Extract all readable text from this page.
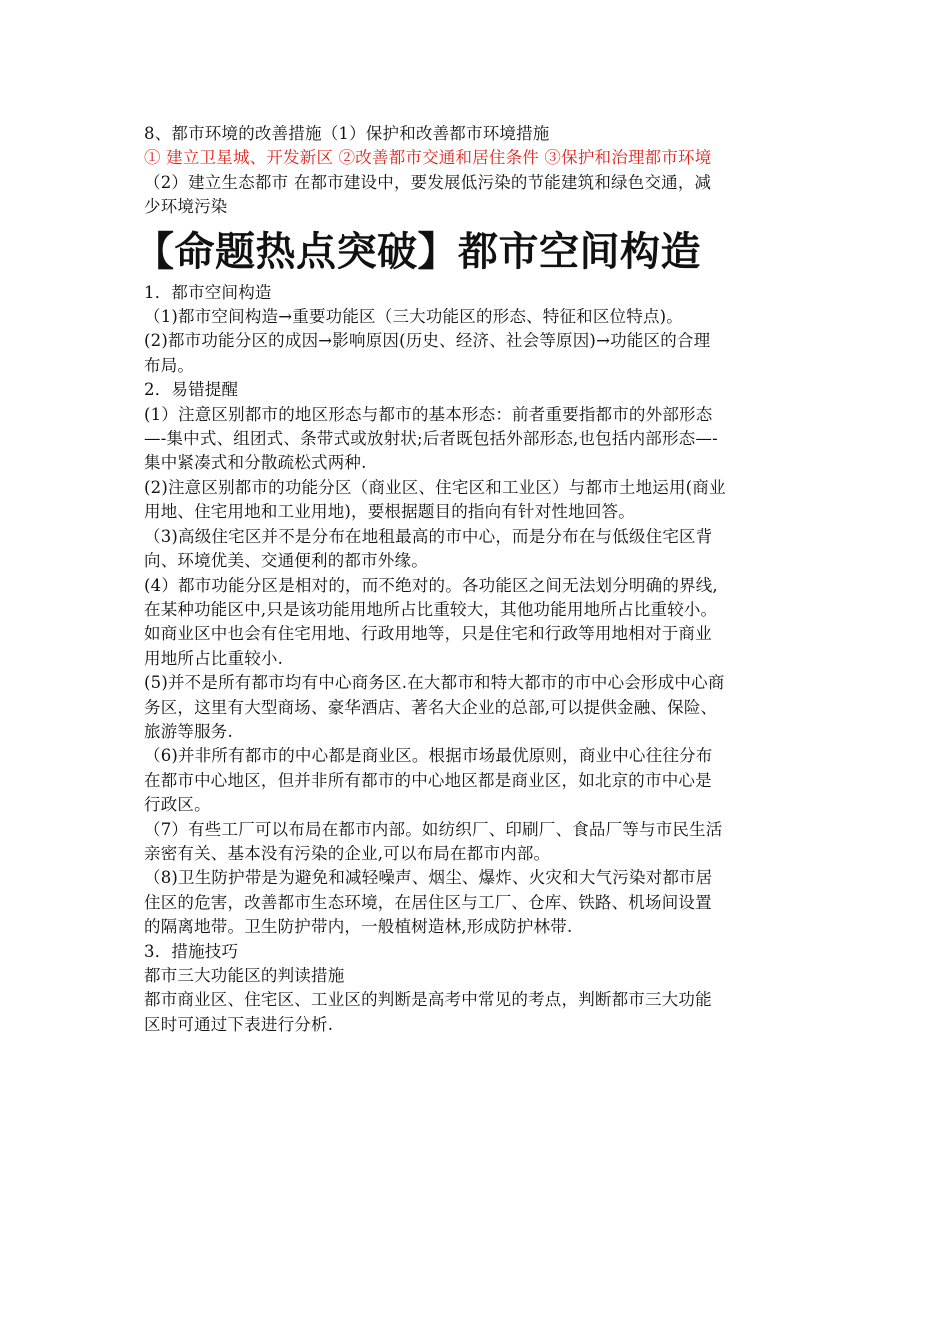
8、都市环境的改善措施（1）保护和改善都市环境措施
① 建立卫星城、开发新区 ②改善都市交通和居住条件 ③保护和治理都市环境
（2）建立生态都市 在都市建设中，要发展低污染的节能建筑和绿色交通，减
少环境污染
【命题热点突破】都市空间构造
1．都市空间构造
（1)都市空间构造→重要功能区（三大功能区的形态、特征和区位特点)。
(2)都市功能分区的成因→影响原因(历史、经济、社会等原因)→功能区的合理
布局。
2．易错提醒
(1）注意区别都市的地区形态与都市的基本形态：前者重要指都市的外部形态
—-集中式、组团式、条带式或放射状;后者既包括外部形态,也包括内部形态—-
集中紧凑式和分散疏松式两种.
(2)注意区别都市的功能分区（商业区、住宅区和工业区）与都市土地运用(商业
用地、住宅用地和工业用地)，要根据题目的指向有针对性地回答。
（3)高级住宅区并不是分布在地租最高的市中心，而是分布在与低级住宅区背
向、环境优美、交通便利的都市外缘。
(4）都市功能分区是相对的，而不绝对的。各功能区之间无法划分明确的界线,
在某种功能区中,只是该功能用地所占比重较大，其他功能用地所占比重较小。
如商业区中也会有住宅用地、行政用地等，只是住宅和行政等用地相对于商业
用地所占比重较小.
(5)并不是所有都市均有中心商务区.在大都市和特大都市的市中心会形成中心商
务区，这里有大型商场、豪华酒店、著名大企业的总部,可以提供金融、保险、
旅游等服务.
（6)并非所有都市的中心都是商业区。根据市场最优原则，商业中心往往分布
在都市中心地区，但并非所有都市的中心地区都是商业区，如北京的市中心是
行政区。
（7）有些工厂可以布局在都市内部。如纺织厂、印刷厂、食品厂等与市民生活
亲密有关、基本没有污染的企业,可以布局在都市内部。
（8)卫生防护带是为避免和减轻噪声、烟尘、爆炸、火灾和大气污染对都市居
住区的危害，改善都市生态环境，在居住区与工厂、仓库、铁路、机场间设置
的隔离地带。卫生防护带内，一般植树造林,形成防护林带.
3．措施技巧
都市三大功能区的判读措施
都市商业区、住宅区、工业区的判断是高考中常见的考点，判断都市三大功能
区时可通过下表进行分析.
